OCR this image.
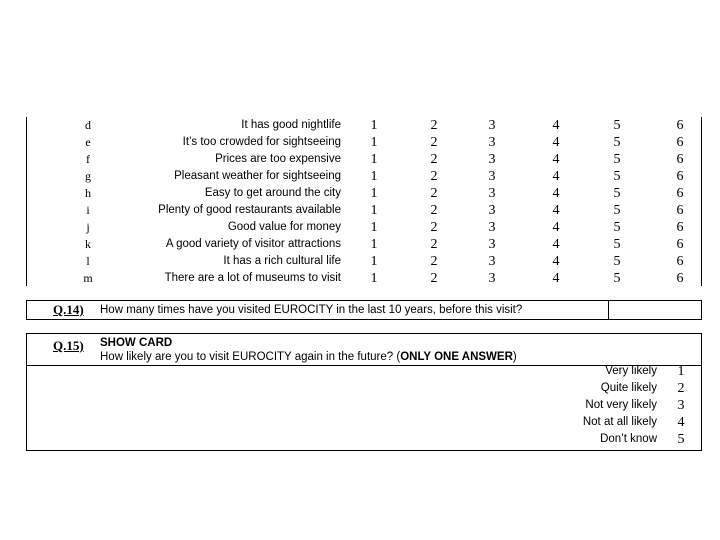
d	It has good nightlife	1	2	3	4	5	6
e	It’s too crowded for sightseeing	1	2	3	4	5	6
f	Prices are too expensive	1	2	3	4	5	6
g	Pleasant weather for sightseeing	1	2	3	4	5	6
h	Easy to get around the city	1	2	3	4	5	6
i	Plenty of good restaurants available	1	2	3	4	5	6
j	Good value for money	1	2	3	4	5	6
k	A good variety of visitor attractions	1	2	3	4	5	6
l	It has a rich cultural life	1	2	3	4	5	6
m	There are a lot of museums to visit	1	2	3	4	5	6
Q.14) How many times have you visited EUROCITY in the last 10 years, before this visit?
Q.15) SHOW CARD
How likely are you to visit EUROCITY again in the future? (ONLY ONE ANSWER)
Very likely	1
Quite likely	2
Not very likely	3
Not at all likely	4
Don’t know	5
